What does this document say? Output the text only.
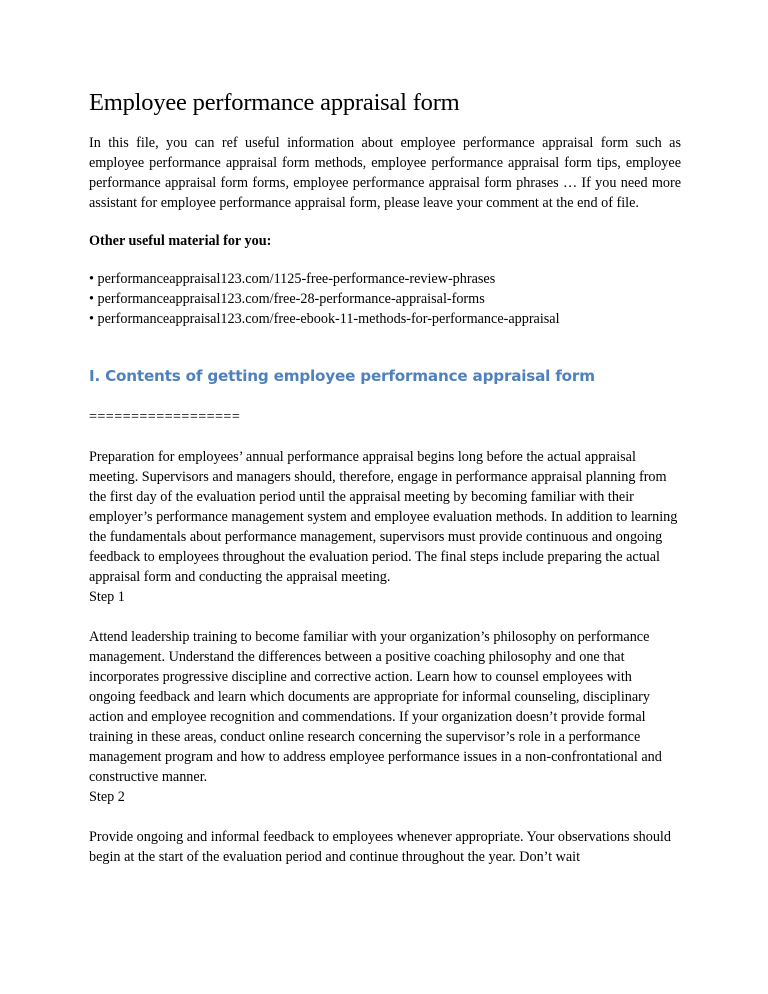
Employee performance appraisal form

In this file, you can ref useful information about employee performance appraisal form such as employee performance appraisal form methods, employee performance appraisal form tips, employee performance appraisal form forms, employee performance appraisal form phrases … If you need more assistant for employee performance appraisal form, please leave your comment at the end of file.

Other useful material for you:

• performanceappraisal123.com/1125-free-performance-review-phrases
• performanceappraisal123.com/free-28-performance-appraisal-forms
• performanceappraisal123.com/free-ebook-11-methods-for-performance-appraisal
I. Contents of getting employee performance appraisal form

==================

Preparation for employees’ annual performance appraisal begins long before the actual appraisal meeting. Supervisors and managers should, therefore, engage in performance appraisal planning from the first day of the evaluation period until the appraisal meeting by becoming familiar with their employer’s performance management system and employee evaluation methods. In addition to learning the fundamentals about performance management, supervisors must provide continuous and ongoing feedback to employees throughout the evaluation period. The final steps include preparing the actual appraisal form and conducting the appraisal meeting.

Step 1

Attend leadership training to become familiar with your organization’s philosophy on performance management. Understand the differences between a positive coaching philosophy and one that incorporates progressive discipline and corrective action. Learn how to counsel employees with ongoing feedback and learn which documents are appropriate for informal counseling, disciplinary action and employee recognition and commendations. If your organization doesn’t provide formal training in these areas, conduct online research concerning the supervisor’s role in a performance management program and how to address employee performance issues in a non-confrontational and constructive manner.

Step 2

Provide ongoing and informal feedback to employees whenever appropriate. Your observations should begin at the start of the evaluation period and continue throughout the year. Don’t wait
